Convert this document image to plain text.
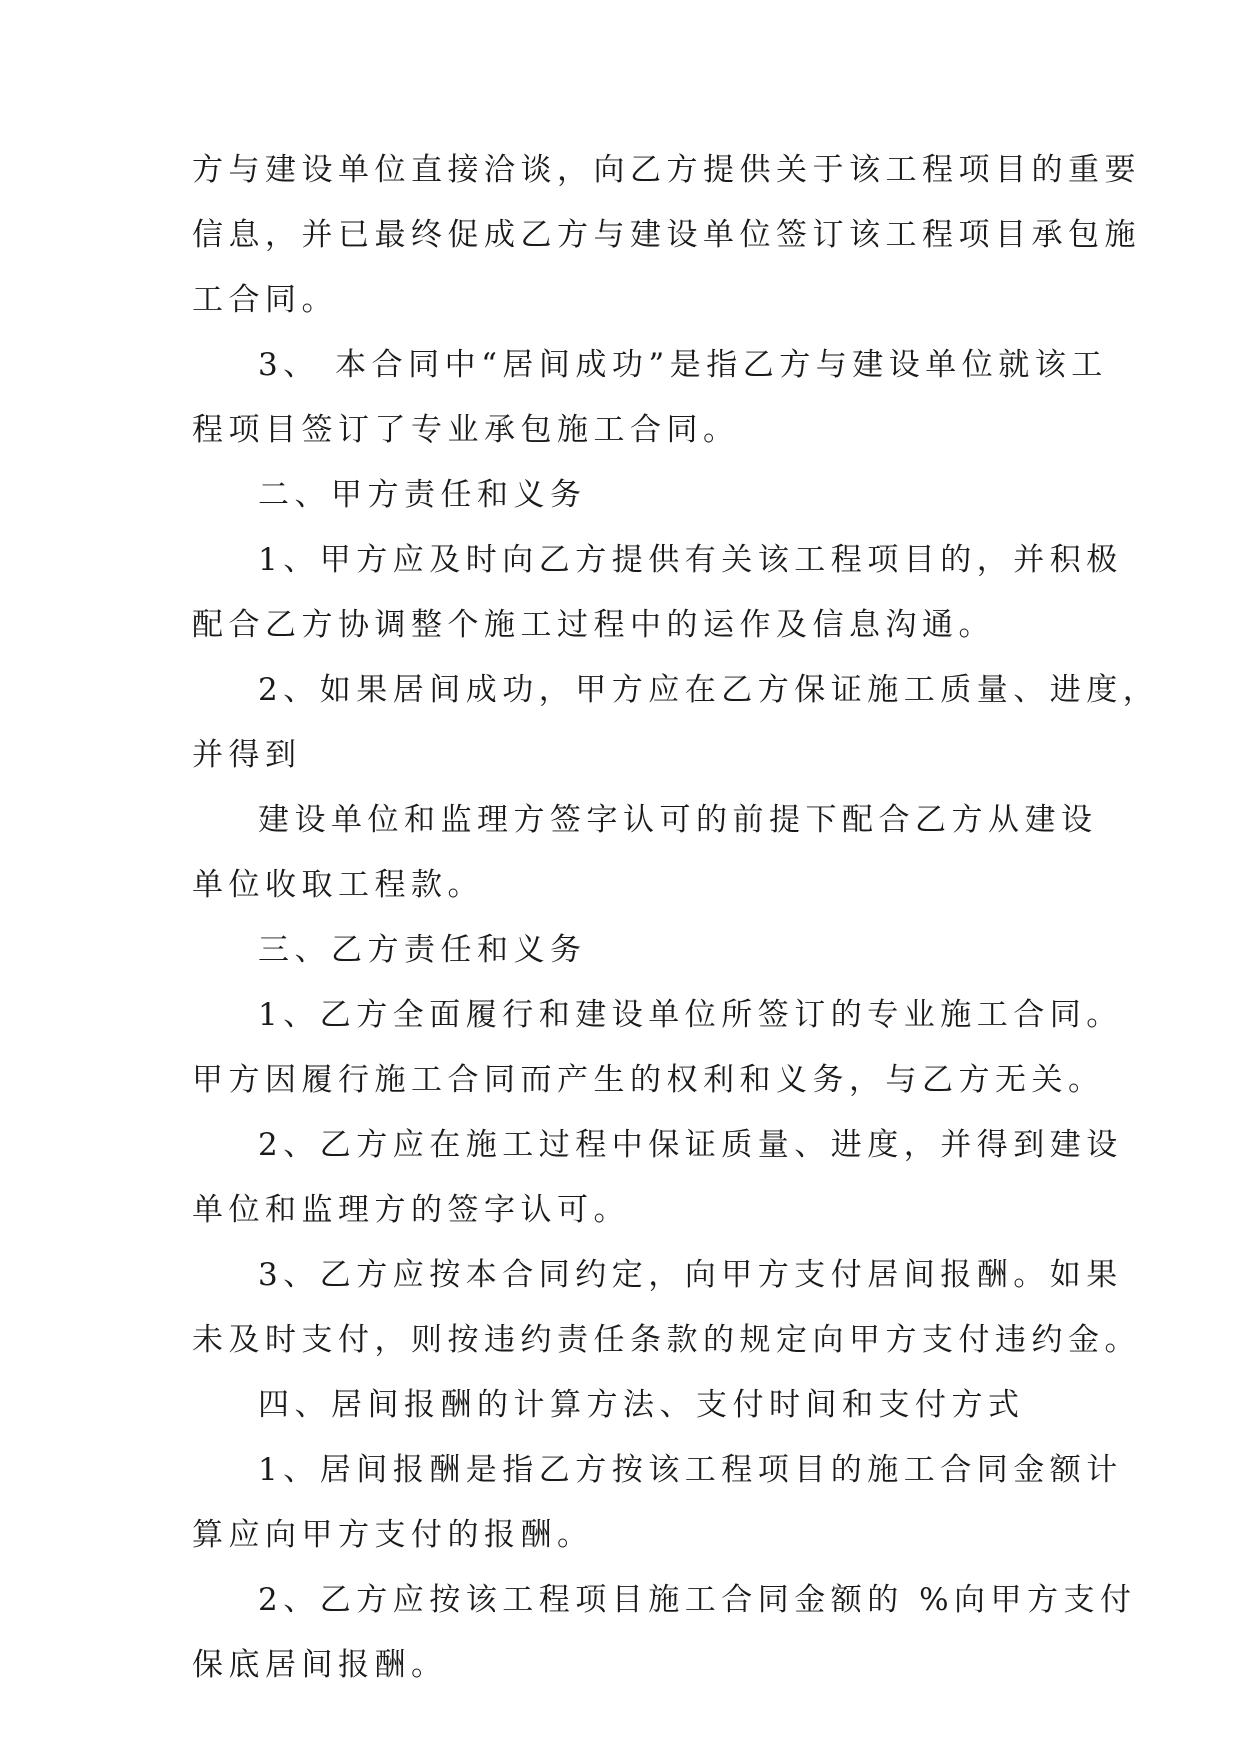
方与建设单位直接洽谈，向乙方提供关于该工程项目的重要
信息，并已最终促成乙方与建设单位签订该工程项目承包施
工合同。
3、 本合同中“居间成功”是指乙方与建设单位就该工
程项目签订了专业承包施工合同。
二、甲方责任和义务
1、甲方应及时向乙方提供有关该工程项目的，并积极
配合乙方协调整个施工过程中的运作及信息沟通。
2、如果居间成功，甲方应在乙方保证施工质量、进度，
并得到
建设单位和监理方签字认可的前提下配合乙方从建设
单位收取工程款。
三、乙方责任和义务
1、乙方全面履行和建设单位所签订的专业施工合同。
甲方因履行施工合同而产生的权利和义务，与乙方无关。
2、乙方应在施工过程中保证质量、进度，并得到建设
单位和监理方的签字认可。
3、乙方应按本合同约定，向甲方支付居间报酬。如果
未及时支付，则按违约责任条款的规定向甲方支付违约金。
四、居间报酬的计算方法、支付时间和支付方式
1、居间报酬是指乙方按该工程项目的施工合同金额计
算应向甲方支付的报酬。
2、乙方应按该工程项目施工合同金额的 %向甲方支付
保底居间报酬。
